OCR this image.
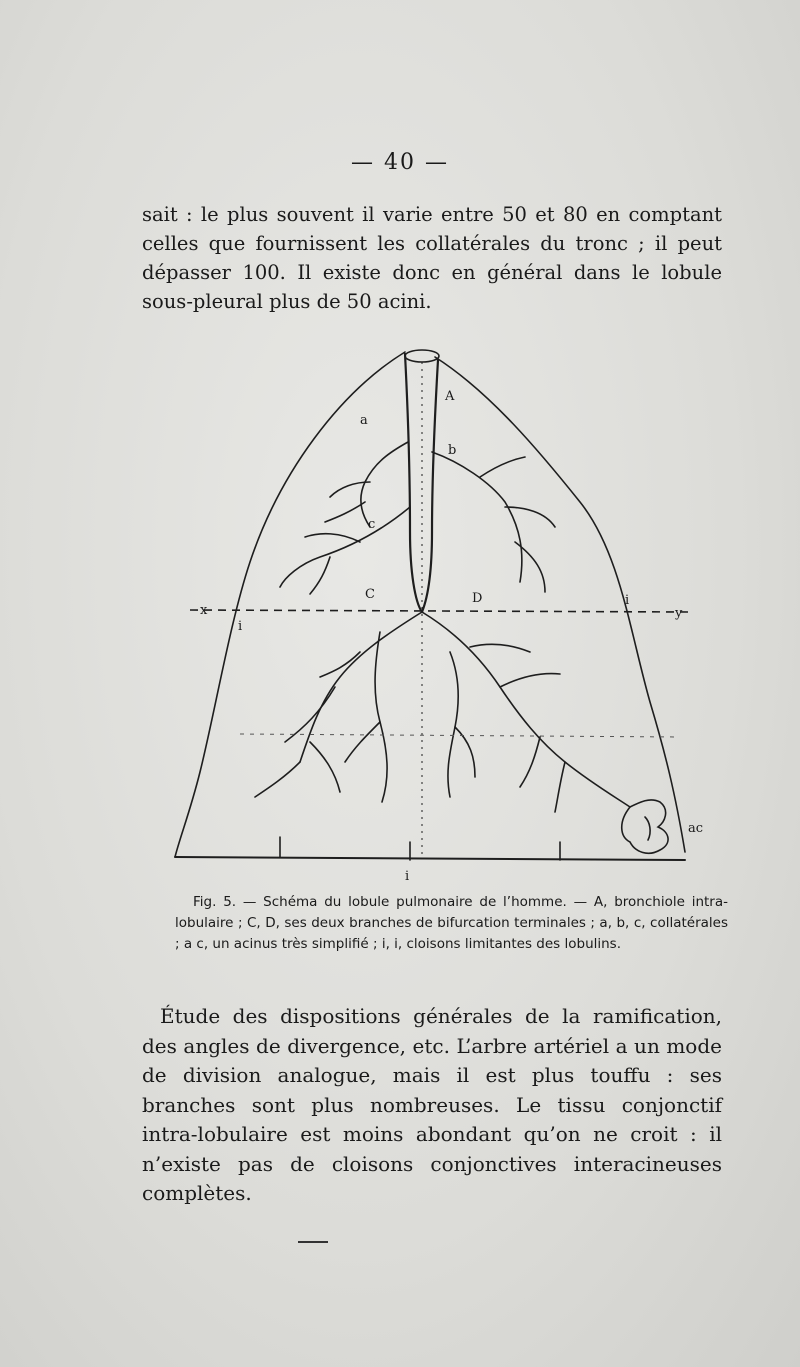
— 40 —
sait : le plus souvent il varie entre 50 et 80 en comptant celles que fournissent les collatérales du tronc ; il peut dépasser 100. Il existe donc en général dans le lobule sous-pleural plus de 50 acini.
A
a
b
c
C	D
x	y
i
i
i
ac
Fig. 5. — Schéma du lobule pulmonaire de l’homme. — A, bronchiole intra-lobulaire ; C, D, ses deux branches de bifurcation terminales ; a, b, c, collatérales ; a c, un acinus très simplifié ; i, i, cloisons limitantes des lobulins.
Étude des dispositions générales de la ramification, des angles de divergence, etc. L’arbre artériel a un mode de division analogue, mais il est plus touffu : ses branches sont plus nombreuses. Le tissu conjonctif intra-lobulaire est moins abondant qu’on ne croit : il n’existe pas de cloisons conjonctives interacineuses complètes.
